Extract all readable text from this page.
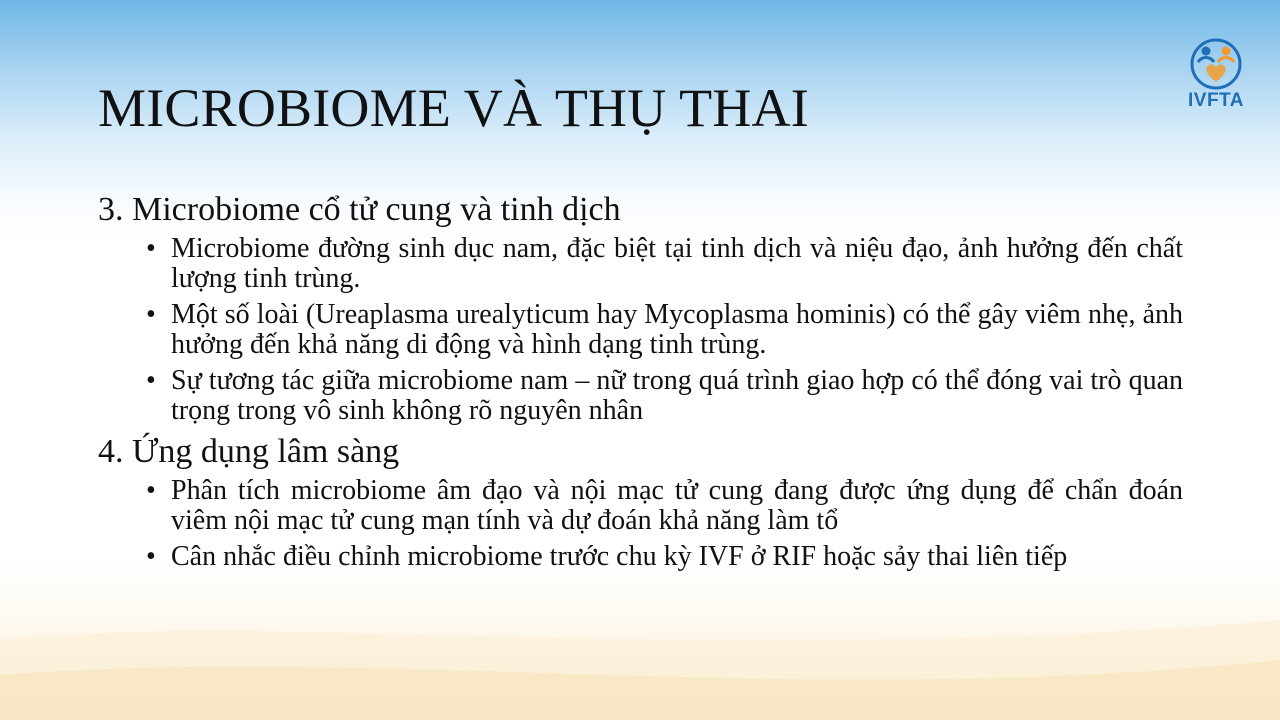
IVFTA
MICROBIOME VÀ THỤ THAI

3. Microbiome cổ tử cung và tinh dịch

• Microbiome đường sinh dục nam, đặc biệt tại tinh dịch và niệu đạo, ảnh hưởng đến chất lượng tinh trùng.
• Một số loài (Ureaplasma urealyticum hay Mycoplasma hominis) có thể gây viêm nhẹ, ảnh hưởng đến khả năng di động và hình dạng tinh trùng.
• Sự tương tác giữa microbiome nam – nữ trong quá trình giao hợp có thể đóng vai trò quan trọng trong vô sinh không rõ nguyên nhân

4. Ứng dụng lâm sàng

• Phân tích microbiome âm đạo và nội mạc tử cung đang được ứng dụng để chẩn đoán viêm nội mạc tử cung mạn tính và dự đoán khả năng làm tổ
• Cân nhắc điều chỉnh microbiome trước chu kỳ IVF ở RIF hoặc sảy thai liên tiếp
